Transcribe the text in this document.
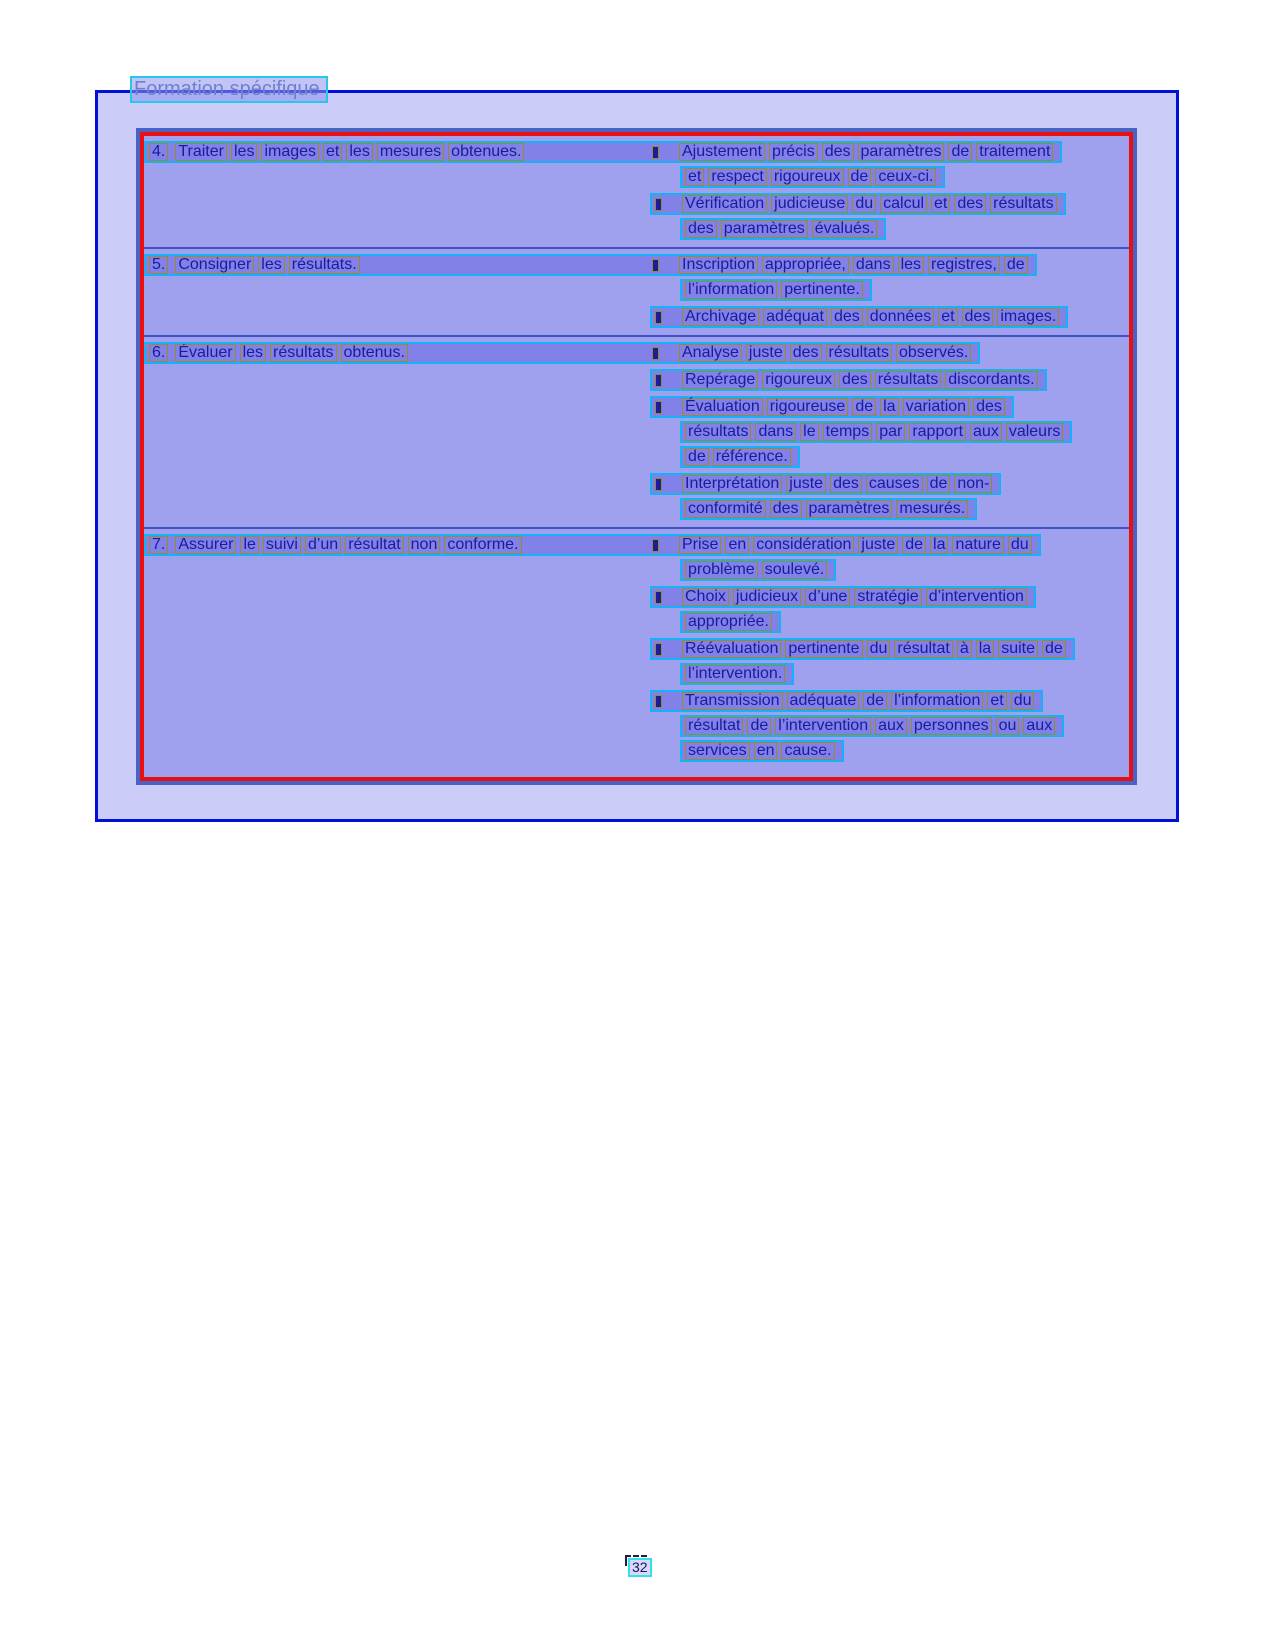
Formation spécifique
4. Traiter les images et les mesures obtenues.	Ajustement précis des paramètres de traitement
et respect rigoureux de ceux-ci.
Vérification judicieuse du calcul et des résultats
des paramètres évalués.
5. Consigner les résultats.	Inscription appropriée, dans les registres, de
l’information pertinente.
Archivage adéquat des données et des images.
6. Évaluer les résultats obtenus.	Analyse juste des résultats observés.
Repérage rigoureux des résultats discordants.
Évaluation rigoureuse de la variation des
résultats dans le temps par rapport aux valeurs
de référence.
Interprétation juste des causes de non-
conformité des paramètres mesurés.
7. Assurer le suivi d’un résultat non conforme.	Prise en considération juste de la nature du
problème soulevé.
Choix judicieux d’une stratégie d’intervention
appropriée.
Réévaluation pertinente du résultat à la suite de
l’intervention.
Transmission adéquate de l’information et du
résultat de l’intervention aux personnes ou aux
services en cause.
32
